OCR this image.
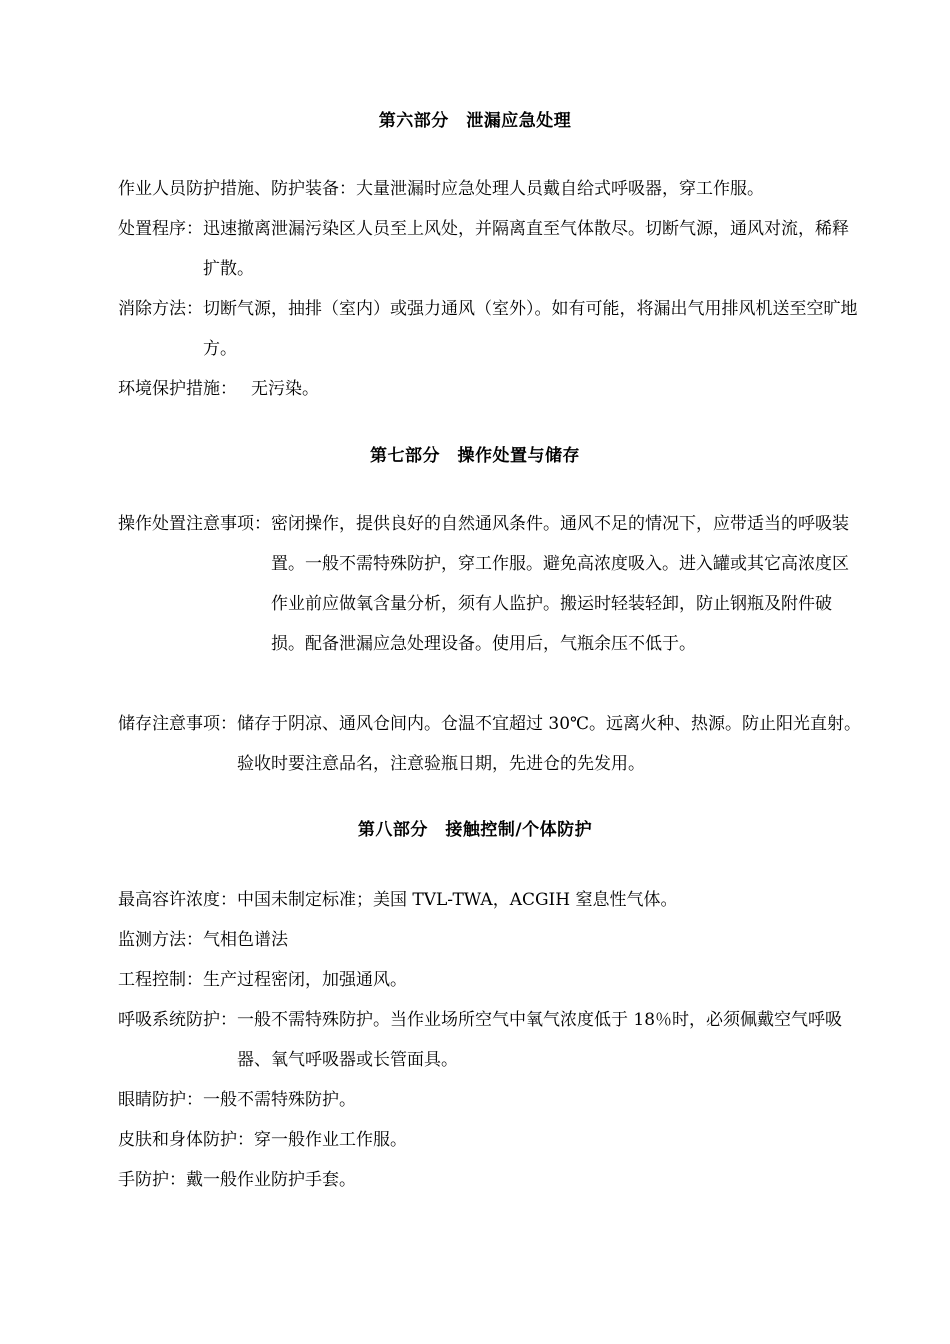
第六部分　泄漏应急处理
作业人员防护措施、防护装备： 大量泄漏时应急处理人员戴自给式呼吸器，穿工作服。
处置程序： 迅速撤离泄漏污染区人员至上风处，并隔离直至气体散尽。切断气源，通风对流，稀释扩散。
消除方法： 切断气源，抽排（室内）或强力通风（室外）。如有可能，将漏出气用排风机送至空旷地方。
环境保护措施： 无污染。
第七部分　操作处置与储存
操作处置注意事项： 密闭操作，提供良好的自然通风条件。通风不足的情况下，应带适当的呼吸装置。一般不需特殊防护，穿工作服。避免高浓度吸入。进入罐或其它高浓度区作业前应做氧含量分析，须有人监护。搬运时轻装轻卸，防止钢瓶及附件破损。配备泄漏应急处理设备。使用后，气瓶余压不低于。
储存注意事项： 储存于阴凉、通风仓间内。仓温不宜超过 30℃。远离火种、热源。防止阳光直射。验收时要注意品名，注意验瓶日期，先进仓的先发用。
第八部分　接触控制/个体防护
最高容许浓度： 中国未制定标准；美国 TVL-TWA，ACGIH 窒息性气体。
监测方法： 气相色谱法
工程控制： 生产过程密闭，加强通风。
呼吸系统防护： 一般不需特殊防护。当作业场所空气中氧气浓度低于 18％时，必须佩戴空气呼吸器、氧气呼吸器或长管面具。
眼睛防护： 一般不需特殊防护。
皮肤和身体防护： 穿一般作业工作服。
手防护： 戴一般作业防护手套。
